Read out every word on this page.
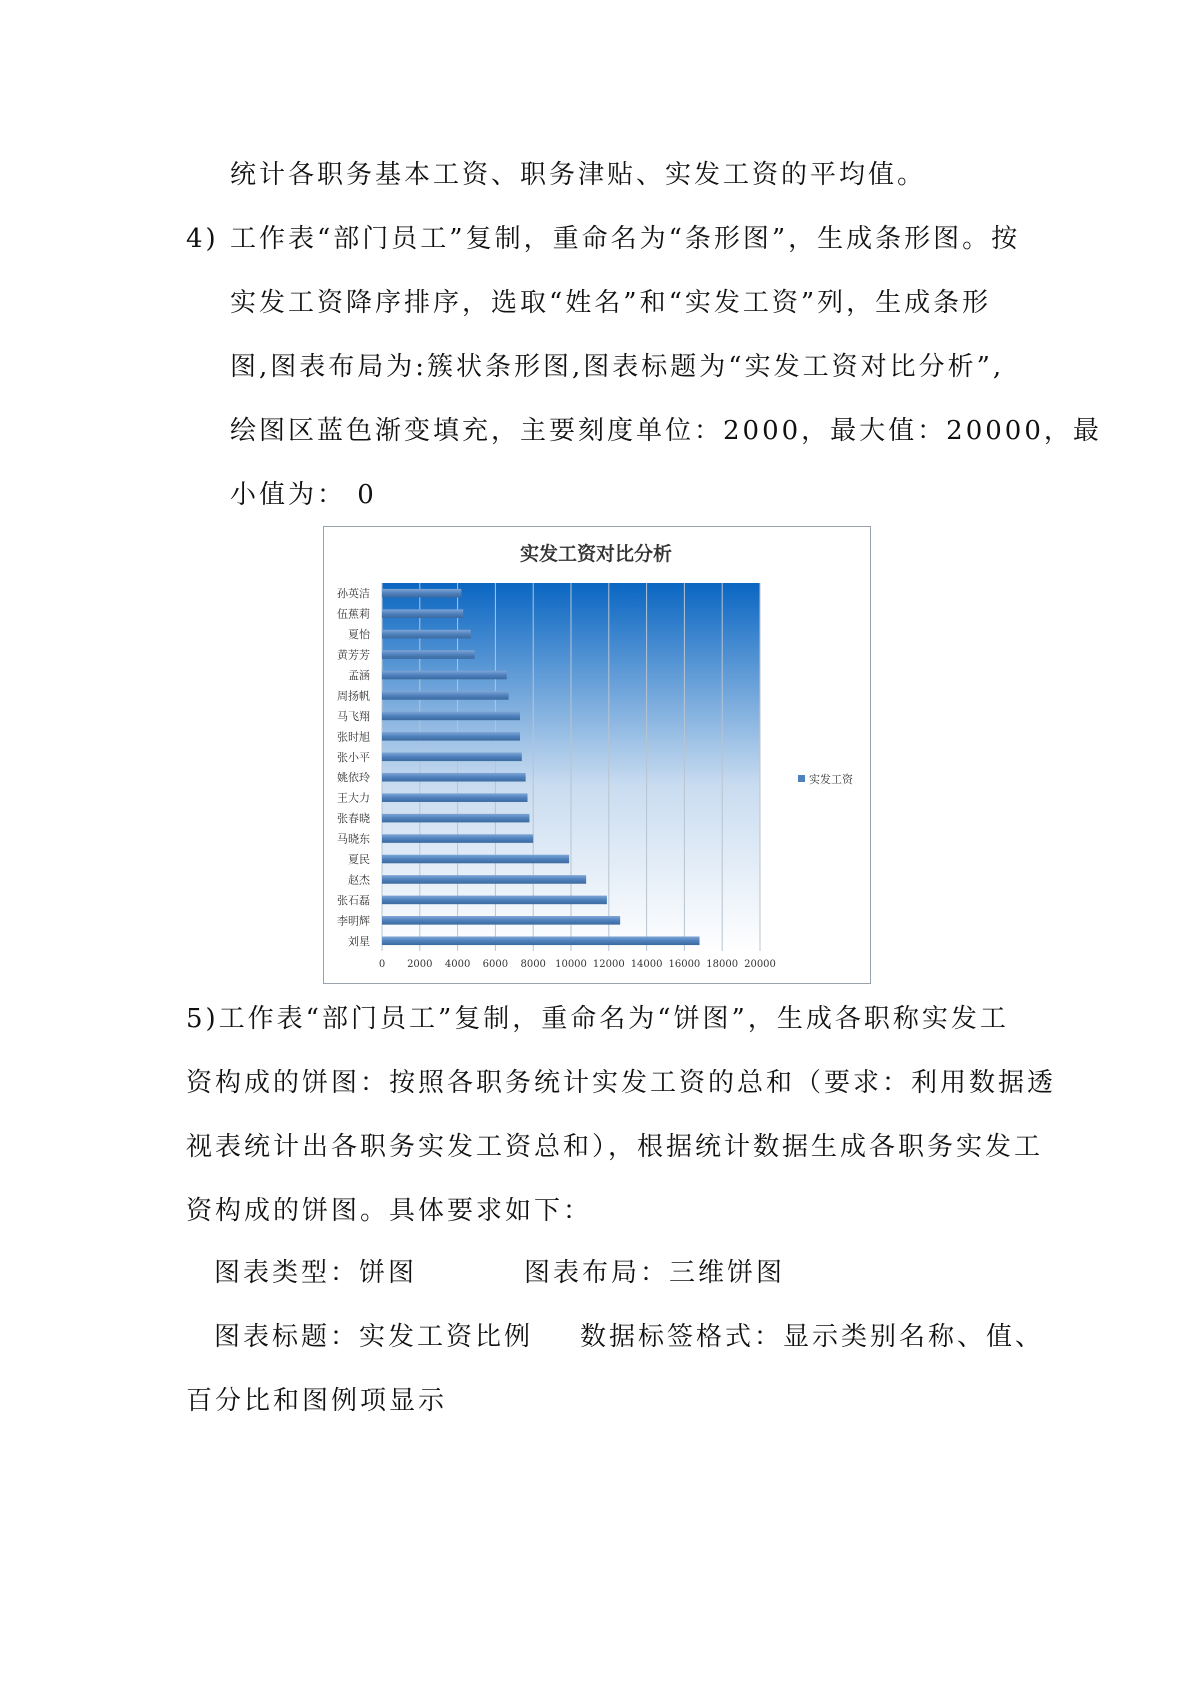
统计各职务基本工资、职务津贴、实发工资的平均值。
4) 工作表“部门员工”复制，重命名为“条形图”，生成条形图。按
实发工资降序排序，选取“姓名”和“实发工资”列，生成条形
图,图表布局为:簇状条形图,图表标题为“实发工资对比分析”,
绘图区蓝色渐变填充，主要刻度单位：2000，最大值：20000，最
小值为： 0
实发工资对比分析
孙英洁
伍蕉莉
夏怡
黄芳芳
孟涵
周扬帆
马飞翔
张时旭
张小平
姚依玲
王大力
张春晓
马晓东
夏民
赵杰
张石磊
李明辉
刘星
0 2000 4000 6000 8000 10000 12000 14000 16000 18000 20000
实发工资
5)工作表“部门员工”复制，重命名为“饼图”，生成各职称实发工
资构成的饼图：按照各职务统计实发工资的总和（要求：利用数据透
视表统计出各职务实发工资总和），根据统计数据生成各职务实发工
资构成的饼图。具体要求如下：
图表类型：饼图	图表布局：三维饼图
图表标题：实发工资比例 数据标签格式：显示类别名称、值、
百分比和图例项显示
